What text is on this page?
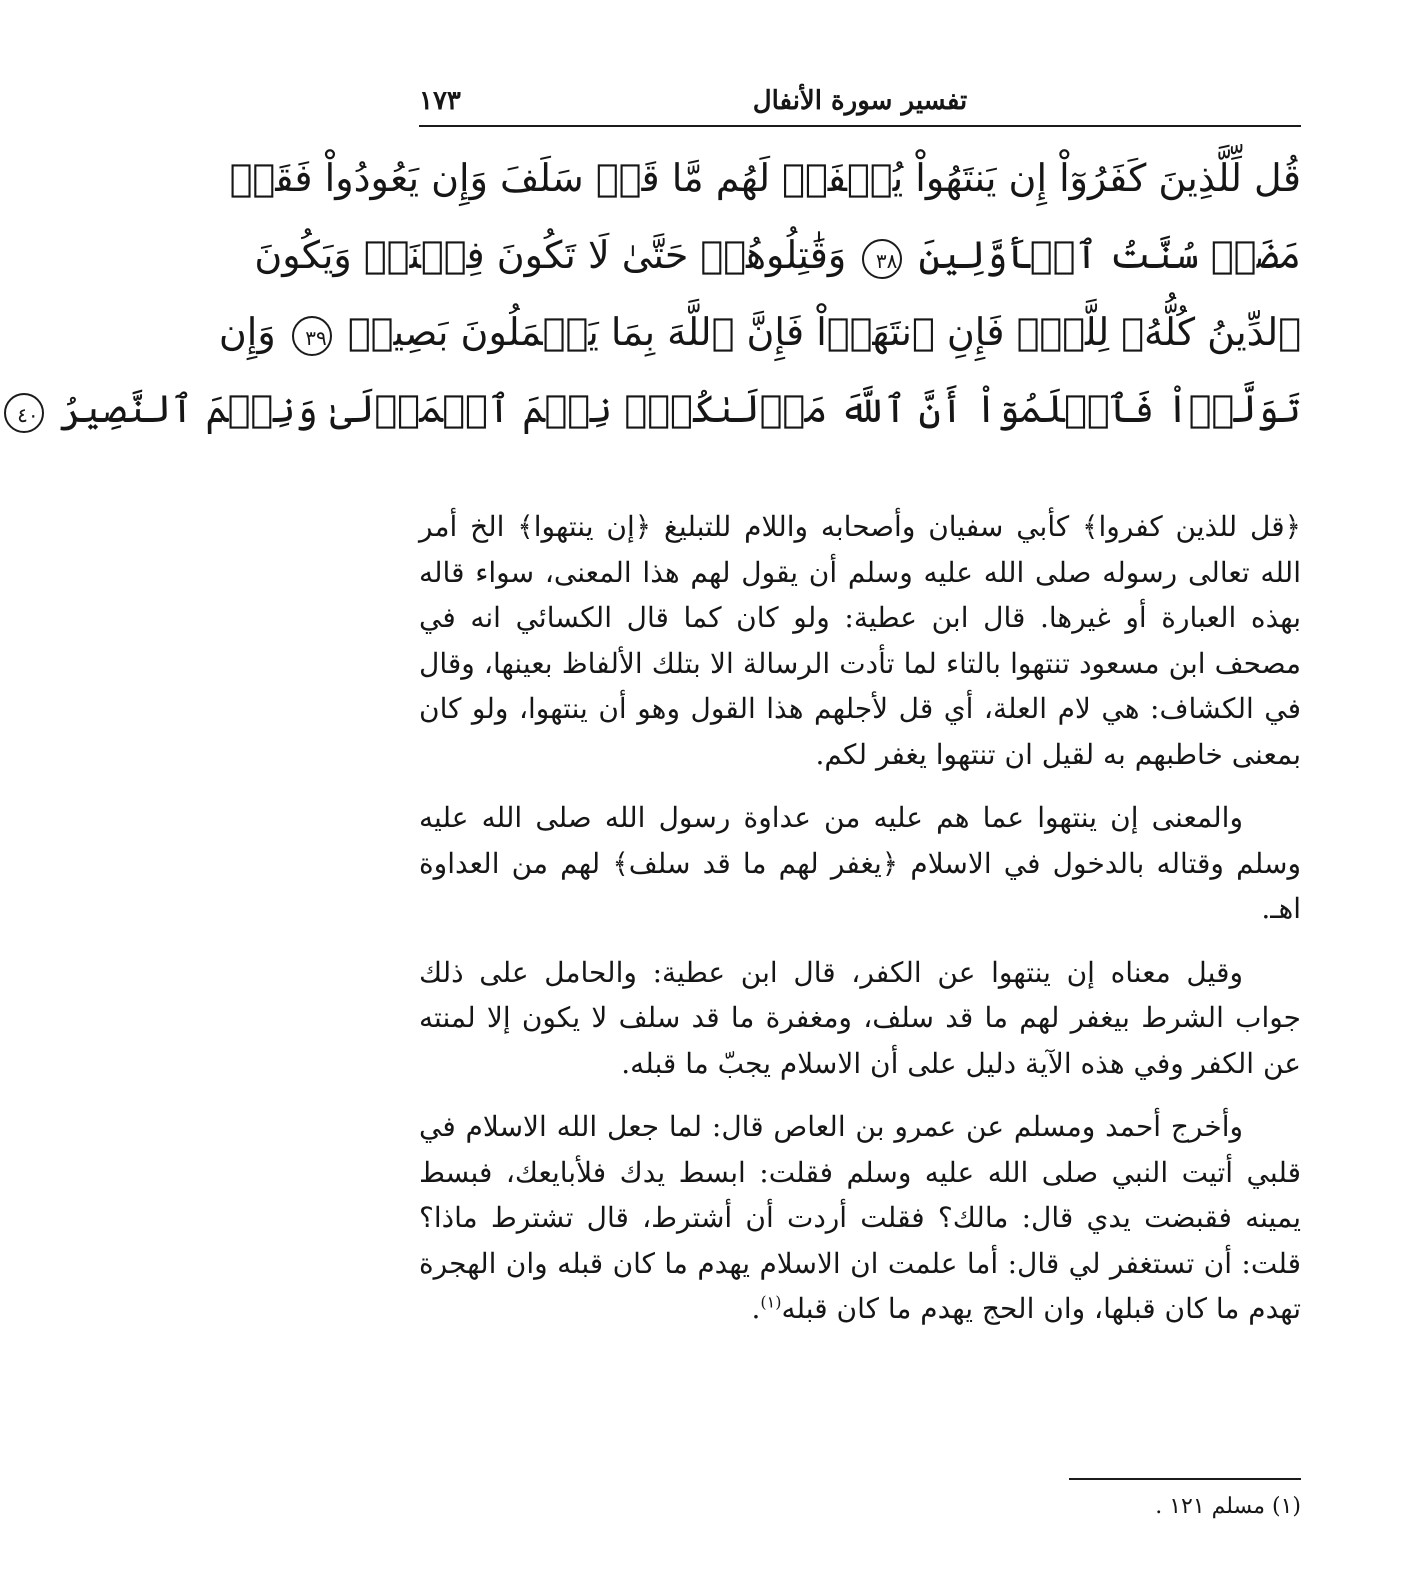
١٧٣	تفسير سورة الأنفال
قُل لِّلَّذِينَ كَفَرُوٓاْ إِن يَنتَهُواْ يُغۡفَرۡ لَهُم مَّا قَدۡ سَلَفَ وَإِن يَعُودُواْ فَقَدۡ
مَضَتۡ سُنَّتُ ٱلۡأَوَّلِينَ ٣٨ وَقَٰتِلُوهُمۡ حَتَّىٰ لَا تَكُونَ فِتۡنَةٞ وَيَكُونَ
ٱلدِّينُ كُلُّهُۥ لِلَّهِۚ فَإِنِ ٱنتَهَوۡاْ فَإِنَّ ٱللَّهَ بِمَا يَعۡمَلُونَ بَصِيرٞ ٣٩ وَإِن
تَوَلَّوۡاْ فَٱعۡلَمُوٓاْ أَنَّ ٱللَّهَ مَوۡلَىٰكُمۡۚ نِعۡمَ ٱلۡمَوۡلَىٰ وَنِعۡمَ ٱلنَّصِيرُ ٤٠

﴿قل للذين كفروا﴾ كأبي سفيان وأصحابه واللام للتبليغ ﴿إن ينتهوا﴾ الخ أمر الله تعالى رسوله صلى الله عليه وسلم أن يقول لهم هذا المعنى، سواء قاله بهذه العبارة أو غيرها. قال ابن عطية: ولو كان كما قال الكسائي انه في مصحف ابن مسعود تنتهوا بالتاء لما تأدت الرسالة الا بتلك الألفاظ بعينها، وقال في الكشاف: هي لام العلة، أي قل لأجلهم هذا القول وهو أن ينتهوا، ولو كان بمعنى خاطبهم به لقيل ان تنتهوا يغفر لكم.

والمعنى إن ينتهوا عما هم عليه من عداوة رسول الله صلى الله عليه وسلم وقتاله بالدخول في الاسلام ﴿يغفر لهم ما قد سلف﴾ لهم من العداوة اهـ.

وقيل معناه إن ينتهوا عن الكفر، قال ابن عطية: والحامل على ذلك جواب الشرط بيغفر لهم ما قد سلف، ومغفرة ما قد سلف لا يكون إلا لمنته عن الكفر وفي هذه الآية دليل على أن الاسلام يجبّ ما قبله.

وأخرج أحمد ومسلم عن عمرو بن العاص قال: لما جعل الله الاسلام في قلبي أتيت النبي صلى الله عليه وسلم فقلت: ابسط يدك فلأبايعك، فبسط يمينه فقبضت يدي قال: مالك؟ فقلت أردت أن أشترط، قال تشترط ماذا؟ قلت: أن تستغفر لي قال: أما علمت ان الاسلام يهدم ما كان قبله وان الهجرة تهدم ما كان قبلها، وان الحج يهدم ما كان قبله$^{(١)}$.

(١) مسلم ١٢١ .
